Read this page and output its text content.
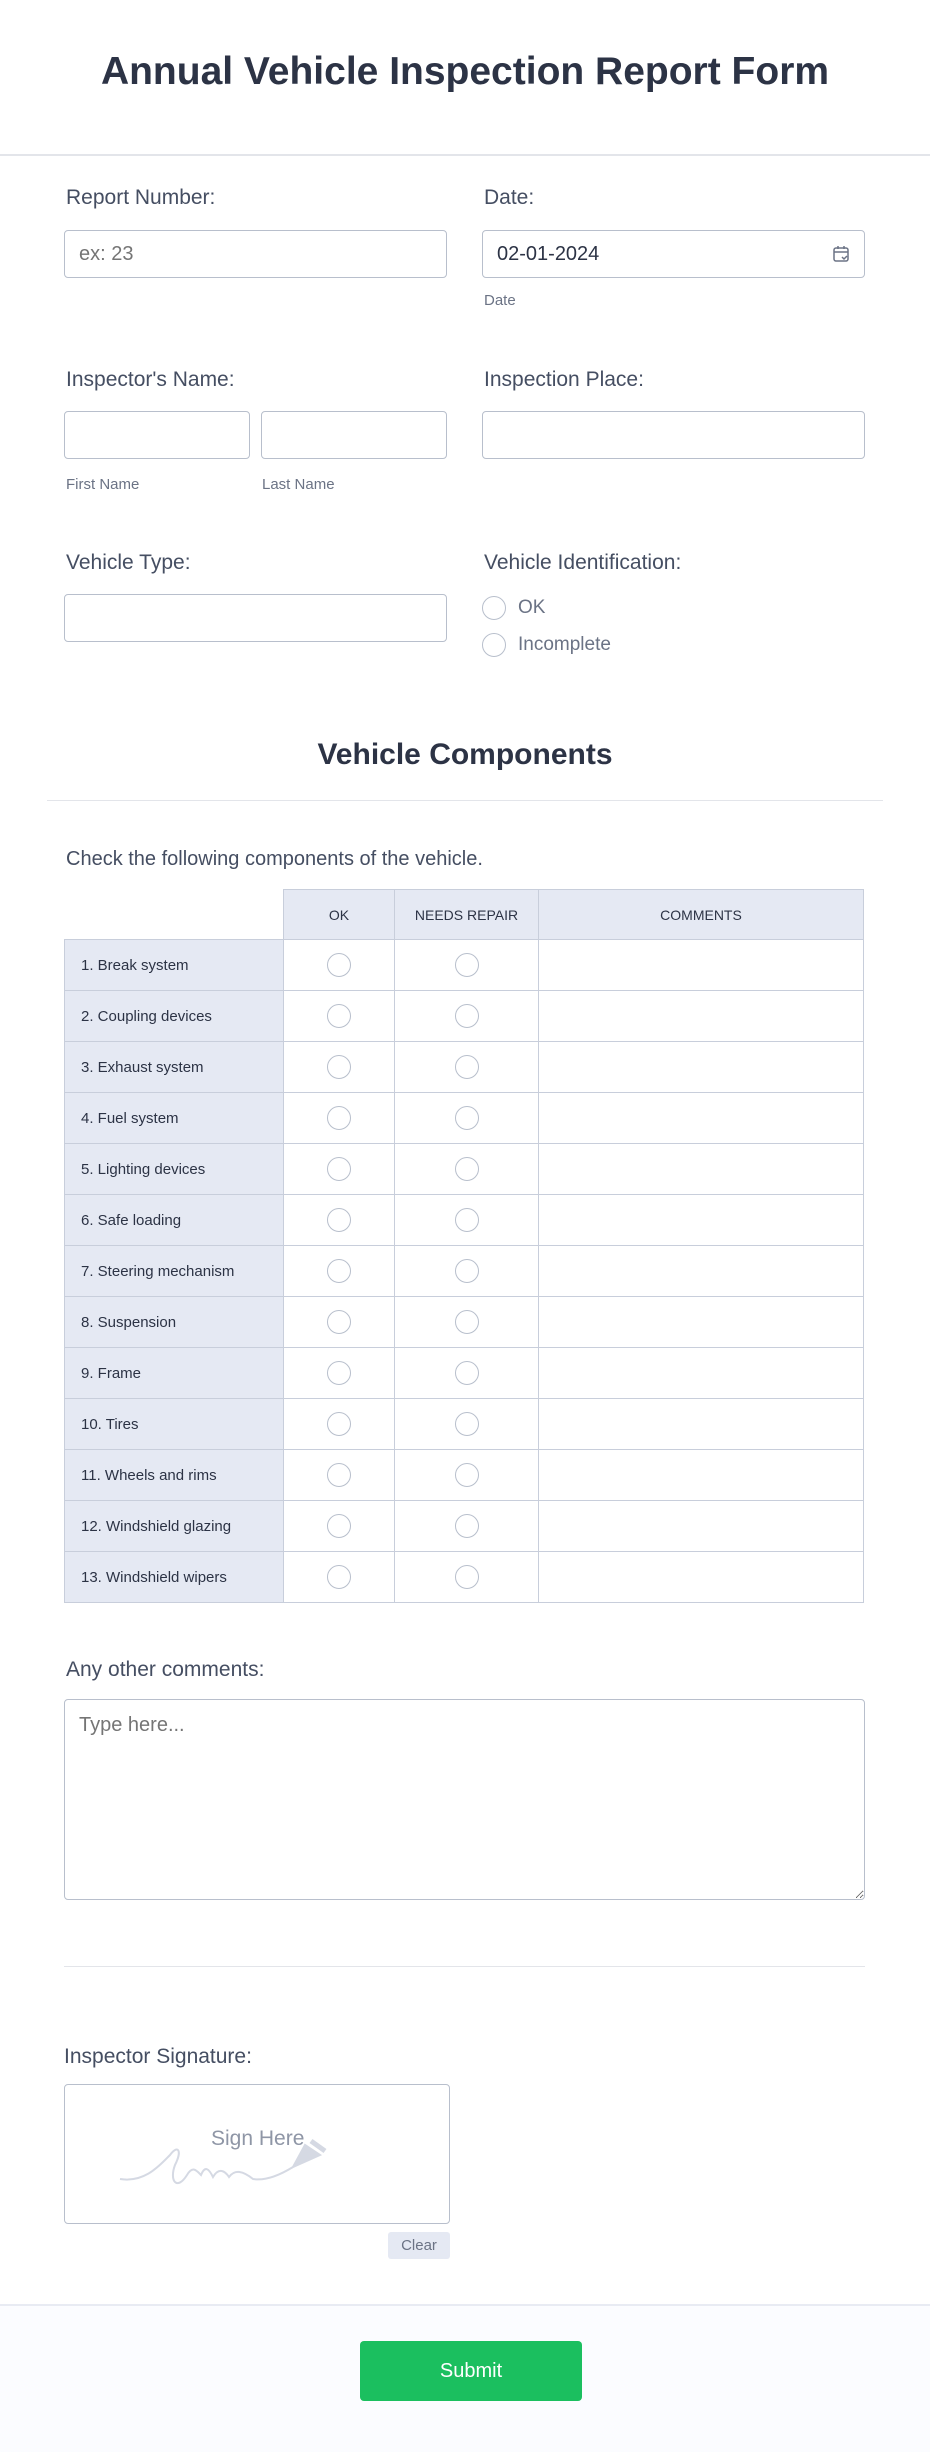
Annual Vehicle Inspection Report Form
Report Number:
ex: 23	Date:
02-01-2024
Date
Inspector's Name:
First Name	Last Name
Inspection Place:
Vehicle Type:	Vehicle Identification:
OK
Incomplete
Vehicle Components
Check the following components of the vehicle.
	OK	NEEDS REPAIR	COMMENTS
1. Break system			
2. Coupling devices			
3. Exhaust system			
4. Fuel system			
5. Lighting devices			
6. Safe loading			
7. Steering mechanism			
8. Suspension			
9. Frame			
10. Tires			
11. Wheels and rims			
12. Windshield glazing			
13. Windshield wipers			
Any other comments:
Type here...
Inspector Signature:
Sign Here
Clear
Submit
